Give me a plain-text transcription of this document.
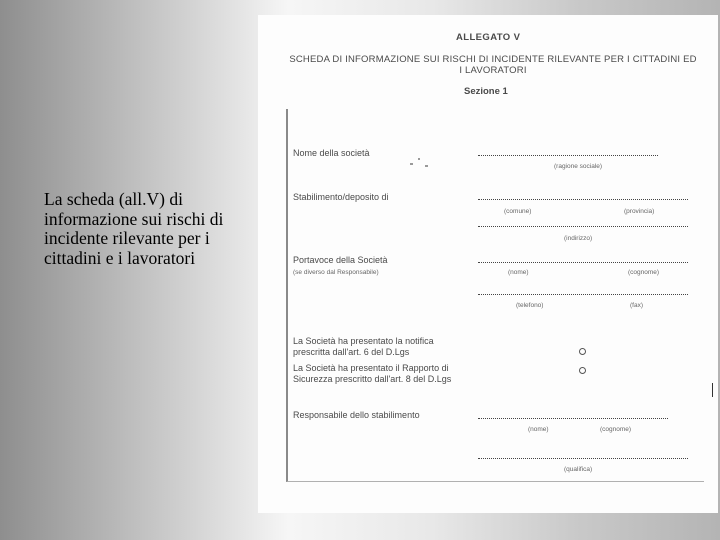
La scheda (all.V) di informazione sui rischi di incidente rilevante per i cittadini e i lavoratori
ALLEGATO V
SCHEDA DI INFORMAZIONE SUI RISCHI DI INCIDENTE RILEVANTE PER I CITTADINI ED I LAVORATORI
Sezione 1
Nome della società
(ragione sociale)
Stabilimento/deposito di
(comune)	(provincia)
(indirizzo)
Portavoce della Società
(se diverso dal Responsabile)	(nome)	(cognome)
(telefono)	(fax)
La Società ha presentato la notifica
prescritta dall'art. 6 del D.Lgs
La Società ha presentato il Rapporto di
Sicurezza prescritto dall'art. 8 del D.Lgs
Responsabile dello stabilimento
(nome)	(cognome)
(qualifica)
